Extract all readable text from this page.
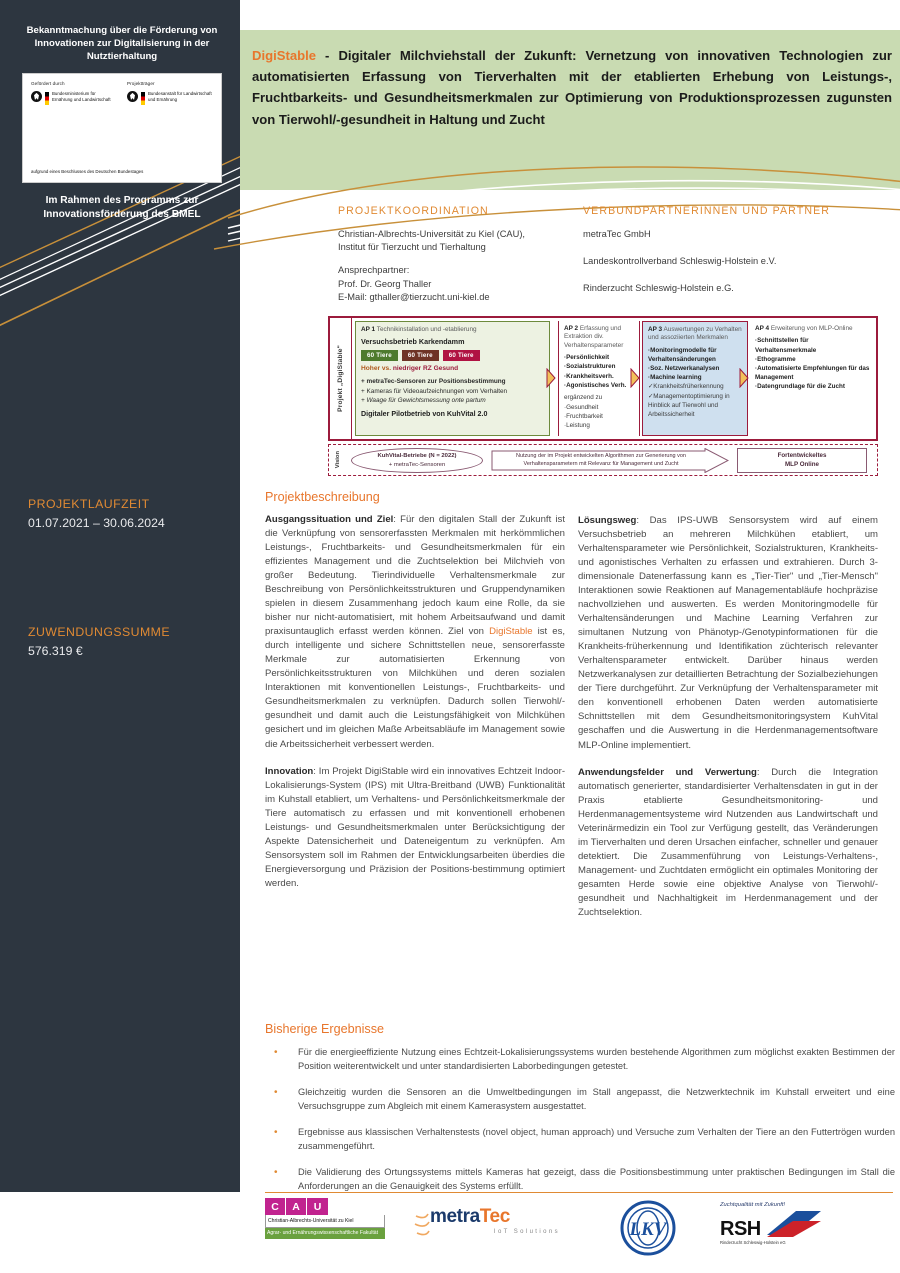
Bekanntmachung über die Förderung von Innovationen zur Digitalisierung in der Nutztierhaltung
Gefördert durch
Bundesministerium für Ernährung und Landwirtschaft
Projektträger
Bundesanstalt für Landwirtschaft und Ernährung
aufgrund eines Beschlusses des Deutschen Bundestages
Im Rahmen des Programms zur Innovationsförderung des BMEL
PROJEKTLAUFZEIT
01.07.2021 – 30.06.2024
ZUWENDUNGSSUMME
576.319 €
DigiStable - Digitaler Milchviehstall der Zukunft: Vernetzung von innovativen Technologien zur automatisierten Erfassung von Tierverhalten mit der etablierten Erhebung von Leistungs-, Fruchtbarkeits- und Gesundheitsmerkmalen zur Optimierung von Produktionsprozessen zugunsten von Tierwohl/-gesundheit in Haltung und Zucht
PROJEKTKOORDINATION
Christian-Albrechts-Universität zu Kiel (CAU),
Institut für Tierzucht und Tierhaltung
Ansprechpartner:
Prof. Dr. Georg Thaller
E-Mail: gthaller@tierzucht.uni-kiel.de
VERBUNDPARTNERINNEN UND PARTNER
metraTec GmbH
Landeskontrollverband Schleswig-Holstein e.V.
Rinderzucht Schleswig-Holstein e.G.
Projekt „DigiStable"
AP 1 Technikinstallation und -etablierung
Versuchsbetrieb Karkendamm
60 Tiere	60 Tiere	60 Tiere
Hoher vs. niedriger RZ Gesund
+ metraTec-Sensoren zur Positionsbestimmung
+ Kameras für Videoaufzeichnungen vom Verhalten
+ Waage für Gewichtsmessung onte partum
Digitaler Pilotbetrieb von KuhVital 2.0
AP 2 Erfassung und Extraktion div. Verhaltensparameter
·Persönlichkeit
·Sozialstrukturen
·Krankheitsverh.
·Agonistisches Verh.
ergänzend zu
·Gesundheit
·Fruchtbarkeit
·Leistung
AP 3 Auswertungen zu Verhalten und assoziierten Merkmalen
·Monitoringmodelle für Verhaltensänderungen
·Soz. Netzwerkanalysen
·Machine learning
✓Krankheitsfrüherkennung
✓Managementoptimierung in Hinblick auf Tierwohl und Arbeitssicherheit
AP 4 Erweiterung von MLP-Online
·Schnittstellen für Verhaltensmerkmale
·Ethogramme
·Automatisierte Empfehlungen für das Management
·Datengrundlage für die Zucht
Vision	KuhVital-Betriebe (N = 2022)
+ metraTec-Sensoren
Nutzung der im Projekt entwickelten Algorithmen zur Generierung von Verhaltensparametern mit Relevanz für Management und Zucht
Fortentwickeltes
MLP Online
Projektbeschreibung

Ausgangssituation und Ziel: Für den digitalen Stall der Zukunft ist die Verknüpfung von sensorerfassten Merkmalen mit herkömmlichen Leistungs-, Fruchtbarkeits- und Gesundheitsmerkmalen für ein effizientes Management und die Zuchtselektion bei Milchvieh von großer Bedeutung. Tierindividuelle Verhaltensmerkmale zur Beschreibung von Persönlichkeitsstrukturen und Gruppendynamiken spielen in diesem Zusammenhang jedoch kaum eine Rolle, da sie bisher nur nicht-automatisiert, mit hohem Arbeitsaufwand und damit praxisuntauglich erfasst werden können. Ziel von DigiStable ist es, durch intelligente und sichere Schnittstellen neue, sensorerfasste Merkmale zur automatisierten Erkennung von Persönlichkeitsstrukturen von Milchkühen und deren sozialen Interaktionen mit konventionellen Leistungs-, Fruchtbarkeits- und Gesundheitsmerkmalen zu verknüpfen. Dadurch sollen Tierwohl/-gesundheit und damit auch die Leistungsfähigkeit von Milchkühen gesichert und im gleichen Maße Arbeitsabläufe im Management sowie die Arbeitssicherheit verbessert werden.

Innovation: Im Projekt DigiStable wird ein innovatives Echtzeit Indoor-Lokalisierungs-System (IPS) mit Ultra-Breitband (UWB) Funktionalität im Kuhstall etabliert, um Verhaltens- und Persönlichkeitsmerkmale der Tiere automatisch zu erfassen und mit konventionell erhobenen Leistungs- und Gesundheitsmerkmalen unter Berücksichtigung der Aspekte Datensicherheit und Dateneigentum zu verknüpfen. Am Sensorsystem soll im Rahmen der Entwicklungsarbeiten überdies die Energieversorgung und Präzision der Positions-bestimmung optimiert werden.

Lösungsweg: Das IPS-UWB Sensorsystem wird auf einem Versuchsbetrieb an mehreren Milchkühen etabliert, um Verhaltensparameter wie Persönlichkeit, Sozialstrukturen, Krankheits- und agonistisches Verhalten zu erfassen und extrahieren. Durch 3-dimensionale Datenerfassung kann es „Tier-Tier" und „Tier-Mensch" Interaktionen sowie Reaktionen auf Managementabläufe hochpräzise nachvollziehen und auswerten. Es werden Monitoringmodelle für Verhaltensänderungen und Machine Learning Verfahren zur simultanen Nutzung von Phänotyp-/Genotypinformationen für die Krankheits-früherkennung und Identifikation züchterisch relevanter Verhaltensparameter entwickelt. Darüber hinaus werden Netzwerkanalysen zur detaillierten Betrachtung der Sozialbeziehungen der Tiere durchgeführt. Zur Verknüpfung der Verhaltensparameter mit den konventionell erhobenen Daten werden automatisierte Schnittstellen mit dem Gesundheitsmonitoringsystem KuhVital geschaffen und die Auswertung in die Herdenmanagementsoftware MLP-Online implementiert.

Anwendungsfelder und Verwertung: Durch die Integration automatisch generierter, standardisierter Verhaltensdaten in gut in der Praxis etablierte Gesundheitsmonitoring- und Herdenmanagementsysteme wird Nutzenden aus Landwirtschaft und Veterinärmedizin ein Tool zur Verfügung gestellt, das Veränderungen im Tierverhalten und deren Ursachen einfacher, schneller und genauer detektiert. Die Zusammenführung von Leistungs-Verhaltens-, Management- und Zuchtdaten ermöglicht ein optimales Monitoring der gesamten Herde sowie eine objektive Analyse von Tierwohl/-gesundheit und Nachhaltigkeit im Herdenmanagement und der Zuchtselektion.

Bisherige Ergebnisse
• Für die energieeffiziente Nutzung eines Echtzeit-Lokalisierungssystems wurden bestehende Algorithmen zum möglichst exakten Bestimmen der Position weiterentwickelt und unter standardisierten Laborbedingungen getestet.
• Gleichzeitig wurden die Sensoren an die Umweltbedingungen im Stall angepasst, die Netzwerktechnik im Kuhstall erweitert und eine Versuchsgruppe zum Abgleich mit einem Kamerasystem ausgestattet.
• Ergebnisse aus klassischen Verhaltenstests (novel object, human approach) und Versuche zum Verhalten der Tiere an den Futtertrögen wurden zusammengeführt.
• Die Validierung des Ortungssystems mittels Kameras hat gezeigt, dass die Positionsbestimmung unter praktischen Bedingungen im Stall die Anforderungen an die Genauigkeit des Systems erfüllt.
C	A	U
Christian-Albrechts-Universität zu Kiel
Agrar- und Ernährungswissenschaftliche Fakultät
metraTec
IoT Solutions	LKV
Zuchtqualität mit Zukunft!
RSH
Rinderzucht Schleswig-Holstein eG
